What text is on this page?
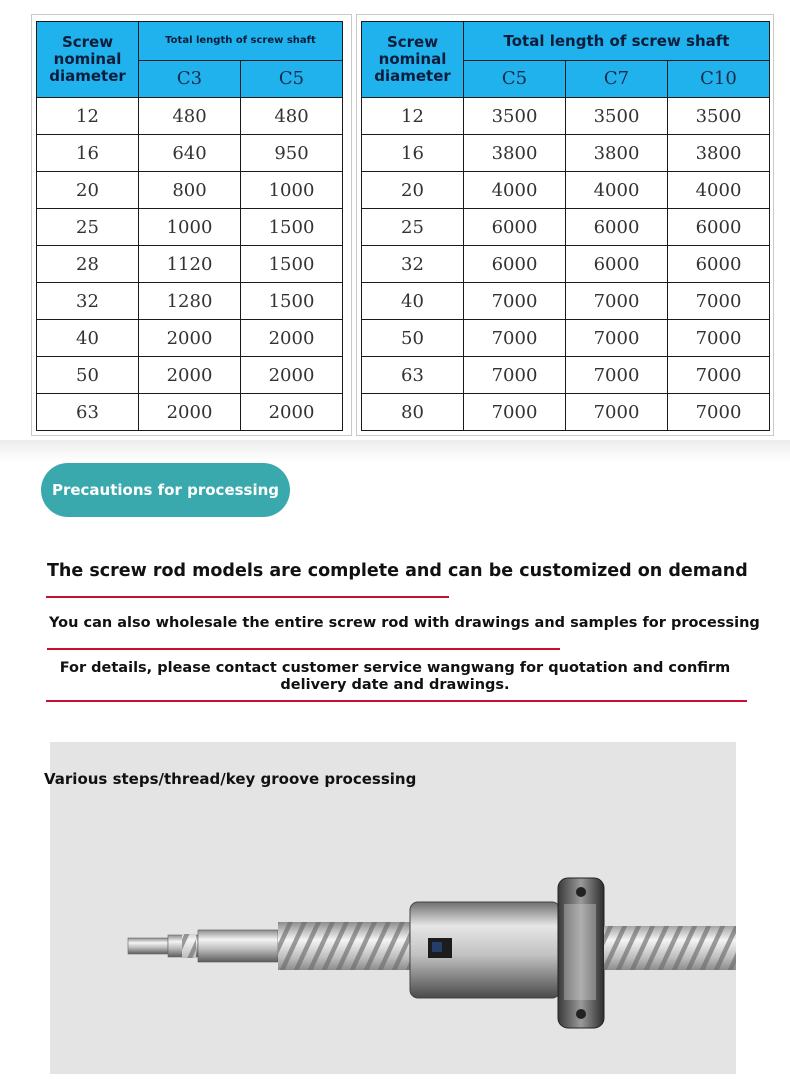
Screw nominal diameter	Total length of screw shaft	
	C3	C5
12	480	480
16	640	950
20	800	1000
25	1000	1500
28	1120	1500
32	1280	1500
40	2000	2000
50	2000	2000
63	2000	2000
Screw nominal diameter	Total length of screw shaft		
	C5	C7	C10
12	3500	3500	3500
16	3800	3800	3800
20	4000	4000	4000
25	6000	6000	6000
32	6000	6000	6000
40	7000	7000	7000
50	7000	7000	7000
63	7000	7000	7000
80	7000	7000	7000
Precautions for processing
The screw rod models are complete and can be customized on demand
You can also wholesale the entire screw rod with drawings and samples for processing
For details, please contact customer service wangwang for quotation and confirm delivery date and drawings.
Various steps/thread/key groove processing
